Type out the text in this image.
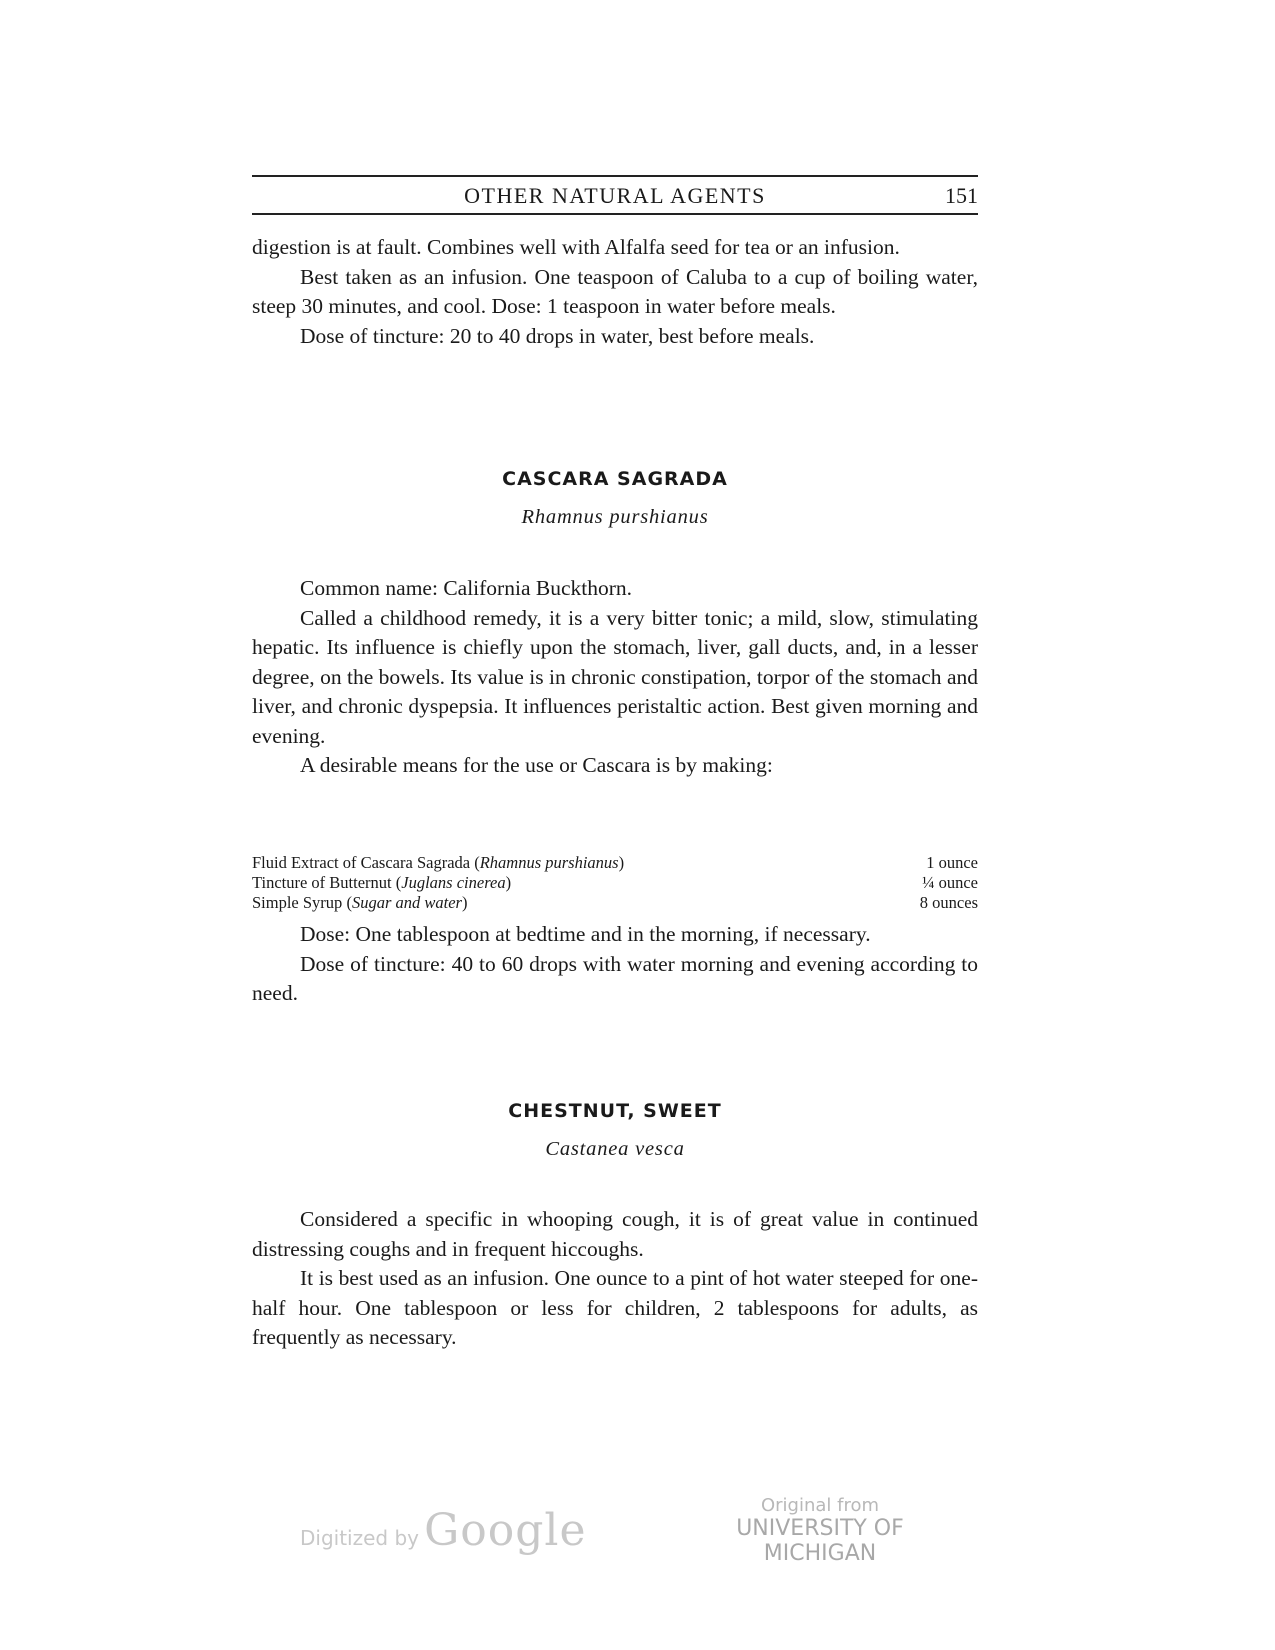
OTHER NATURAL AGENTS	151

digestion is at fault. Combines well with Alfalfa seed for tea or an infusion.

Best taken as an infusion. One teaspoon of Caluba to a cup of boiling water, steep 30 minutes, and cool. Dose: 1 teaspoon in water before meals.

Dose of tincture: 20 to 40 drops in water, best before meals.

CASCARA SAGRADA
Rhamnus purshianus

Common name: California Buckthorn.

Called a childhood remedy, it is a very bitter tonic; a mild, slow, stimulating hepatic. Its influence is chiefly upon the stomach, liver, gall ducts, and, in a lesser degree, on the bowels. Its value is in chronic constipation, torpor of the stomach and liver, and chronic dyspepsia. It influences peristaltic action. Best given morning and evening.

A desirable means for the use or Cascara is by making:

Fluid Extract of Cascara Sagrada (Rhamnus purshianus)	1 ounce
Tincture of Butternut (Juglans cinerea)	¼ ounce
Simple Syrup (Sugar and water)	8 ounces

Dose: One tablespoon at bedtime and in the morning, if necessary.

Dose of tincture: 40 to 60 drops with water morning and evening according to need.

CHESTNUT, SWEET
Castanea vesca

Considered a specific in whooping cough, it is of great value in continued distressing coughs and in frequent hiccoughs.

It is best used as an infusion. One ounce to a pint of hot water steeped for one-half hour. One tablespoon or less for children, 2 tablespoons for adults, as frequently as necessary.

Digitized by Google	Original from
UNIVERSITY OF MICHIGAN
